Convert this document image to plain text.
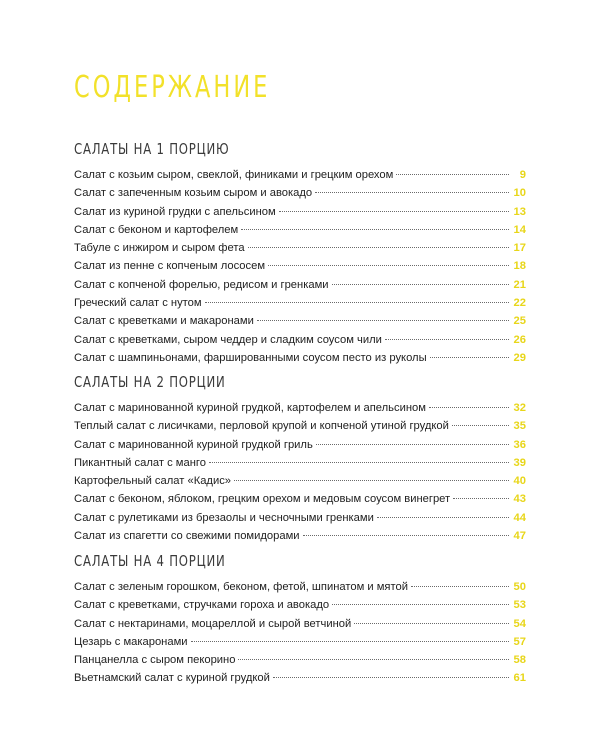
СОДЕРЖАНИЕ
САЛАТЫ НА 1 ПОРЦИЮ
Салат с козьим сыром, свеклой, финиками и грецким орехом	9
Салат с запеченным козьим сыром и авокадо	10
Салат из куриной грудки с апельсином	13
Салат с беконом и картофелем	14
Табуле с инжиром и сыром фета	17
Салат из пенне с копченым лососем	18
Салат с копченой форелью, редисом и гренками	21
Греческий салат с нутом	22
Салат с креветками и макаронами	25
Салат с креветками, сыром чеддер и сладким соусом чили	26
Салат с шампиньонами, фаршированными соусом песто из руколы	29
САЛАТЫ НА 2 ПОРЦИИ
Салат с маринованной куриной грудкой, картофелем и апельсином	32
Теплый салат с лисичками, перловой крупой и копченой утиной грудкой	35
Салат с маринованной куриной грудкой гриль	36
Пикантный салат с манго	39
Картофельный салат «Кадис»	40
Салат с беконом, яблоком, грецким орехом и медовым соусом винегрет	43
Салат с рулетиками из брезаолы и чесночными гренками	44
Салат из спагетти со свежими помидорами	47
САЛАТЫ НА 4 ПОРЦИИ
Салат с зеленым горошком, беконом, фетой, шпинатом и мятой	50
Салат с креветками, стручками гороха и авокадо	53
Салат с нектаринами, моцареллой и сырой ветчиной	54
Цезарь с макаронами	57
Панцанелла с сыром пекорино	58
Вьетнамский салат с куриной грудкой	61
